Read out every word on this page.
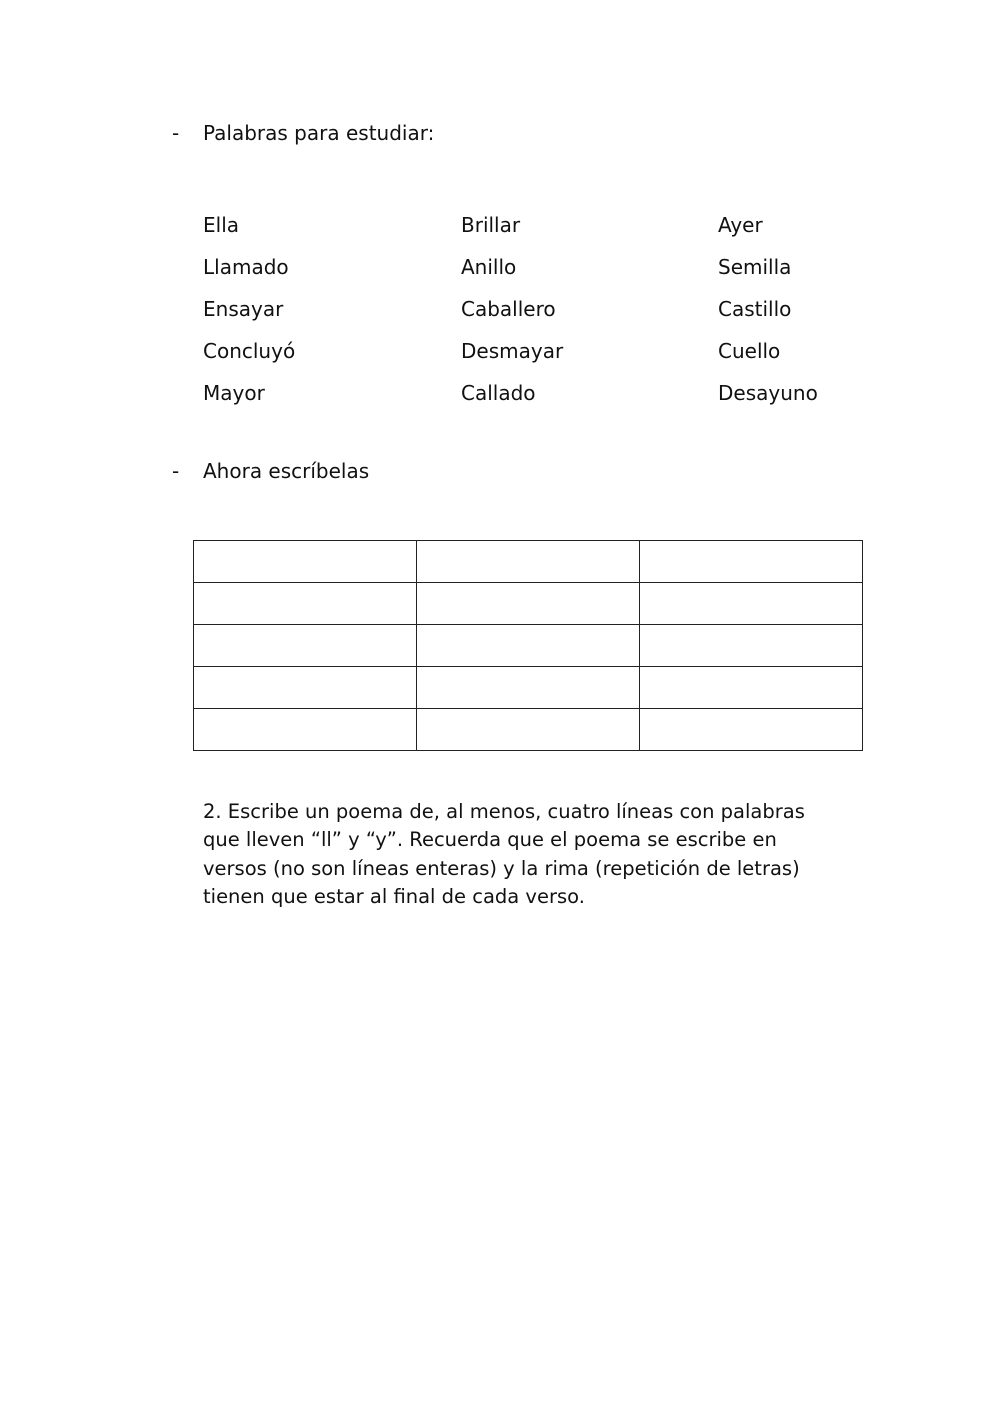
-	Palabras para estudiar:
Ella	Brillar	Ayer
Llamado	Anillo	Semilla
Ensayar	Caballero	Castillo
Concluyó	Desmayar	Cuello
Mayor	Callado	Desayuno
-	Ahora escríbelas

2. Escribe un poema de, al menos, cuatro líneas con palabras que lleven “ll” y “y”. Recuerda que el poema se escribe en versos (no son líneas enteras) y la rima (repetición de letras) tienen que estar al final de cada verso.
